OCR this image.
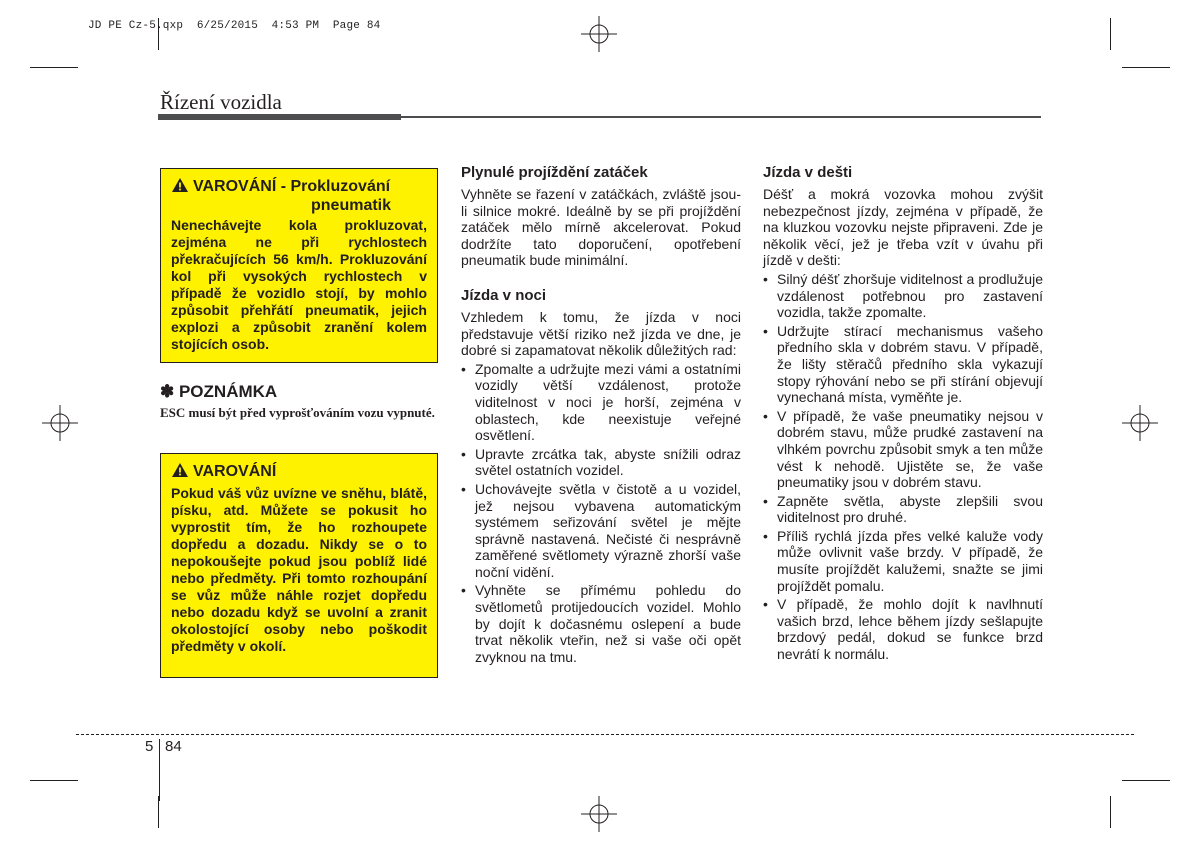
JD PE Cz-5.qxp  6/25/2015  4:53 PM  Page 84
Řízení vozidla
VAROVÁNÍ - Prokluzování
pneumatik
Nenechávejte kola prokluzovat, zejména ne při rychlostech překračujících 56 km/h. Prokluzování kol při vysokých rychlostech v případě že vozidlo stojí, by mohlo způsobit přehřátí pneumatik, jejich explozi a způsobit zranění kolem stojících osob.
✽ POZNÁMKA
ESC musí být před vyprošťováním vozu vypnuté.
VAROVÁNÍ
Pokud váš vůz uvízne ve sněhu, blátě, písku, atd. Můžete se pokusit ho vyprostit tím, že ho rozhoupete dopředu a dozadu. Nikdy se o to nepokoušejte pokud jsou poblíž lidé nebo předměty. Při tomto rozhoupání se vůz může náhle rozjet dopředu nebo dozadu když se uvolní a zranit okolostojící osoby nebo poškodit předměty v okolí.
Plynulé projíždění zatáček

Vyhněte se řazení v zatáčkách, zvláště jsou-li silnice mokré. Ideálně by se při projíždění zatáček mělo mírně akcelerovat. Pokud dodržíte tato doporučení, opotřebení pneumatik bude minimální.

Jízda v noci

Vzhledem k tomu, že jízda v noci představuje větší riziko než jízda ve dne, je dobré si zapamatovat několik důležitých rad:

• Zpomalte a udržujte mezi vámi a ostatními vozidly větší vzdálenost, protože viditelnost v noci je horší, zejména v oblastech, kde neexistuje veřejné osvětlení.
• Upravte zrcátka tak, abyste snížili odraz světel ostatních vozidel.
• Uchovávejte světla v čistotě a u vozidel, jež nejsou vybavena automatickým systémem seřizování světel je mějte správně nastavená. Nečisté či nesprávně zaměřené světlomety výrazně zhorší vaše noční vidění.
• Vyhněte se přímému pohledu do světlometů protijedoucích vozidel. Mohlo by dojít k dočasnému oslepení a bude trvat několik vteřin, než si vaše oči opět zvyknou na tmu.
Jízda v dešti

Déšť a mokrá vozovka mohou zvýšit nebezpečnost jízdy, zejména v případě, že na kluzkou vozovku nejste připraveni. Zde je několik věcí, jež je třeba vzít v úvahu při jízdě v dešti:

• Silný déšť zhoršuje viditelnost a prodlužuje vzdálenost potřebnou pro zastavení vozidla, takže zpomalte.
• Udržujte stírací mechanismus vašeho předního skla v dobrém stavu. V případě, že lišty stěračů předního skla vykazují stopy rýhování nebo se při stírání objevují vynechaná místa, vyměňte je.
• V případě, že vaše pneumatiky nejsou v dobrém stavu, může prudké zastavení na vlhkém povrchu způsobit smyk a ten může vést k nehodě. Ujistěte se, že vaše pneumatiky jsou v dobrém stavu.
• Zapněte světla, abyste zlepšili svou viditelnost pro druhé.
• Příliš rychlá jízda přes velké kaluže vody může ovlivnit vaše brzdy. V případě, že musíte projíždět kalužemi, snažte se jimi projíždět pomalu.
• V případě, že mohlo dojít k navlhnutí vašich brzd, lehce během jízdy sešlapujte brzdový pedál, dokud se funkce brzd nevrátí k normálu.
5 84
